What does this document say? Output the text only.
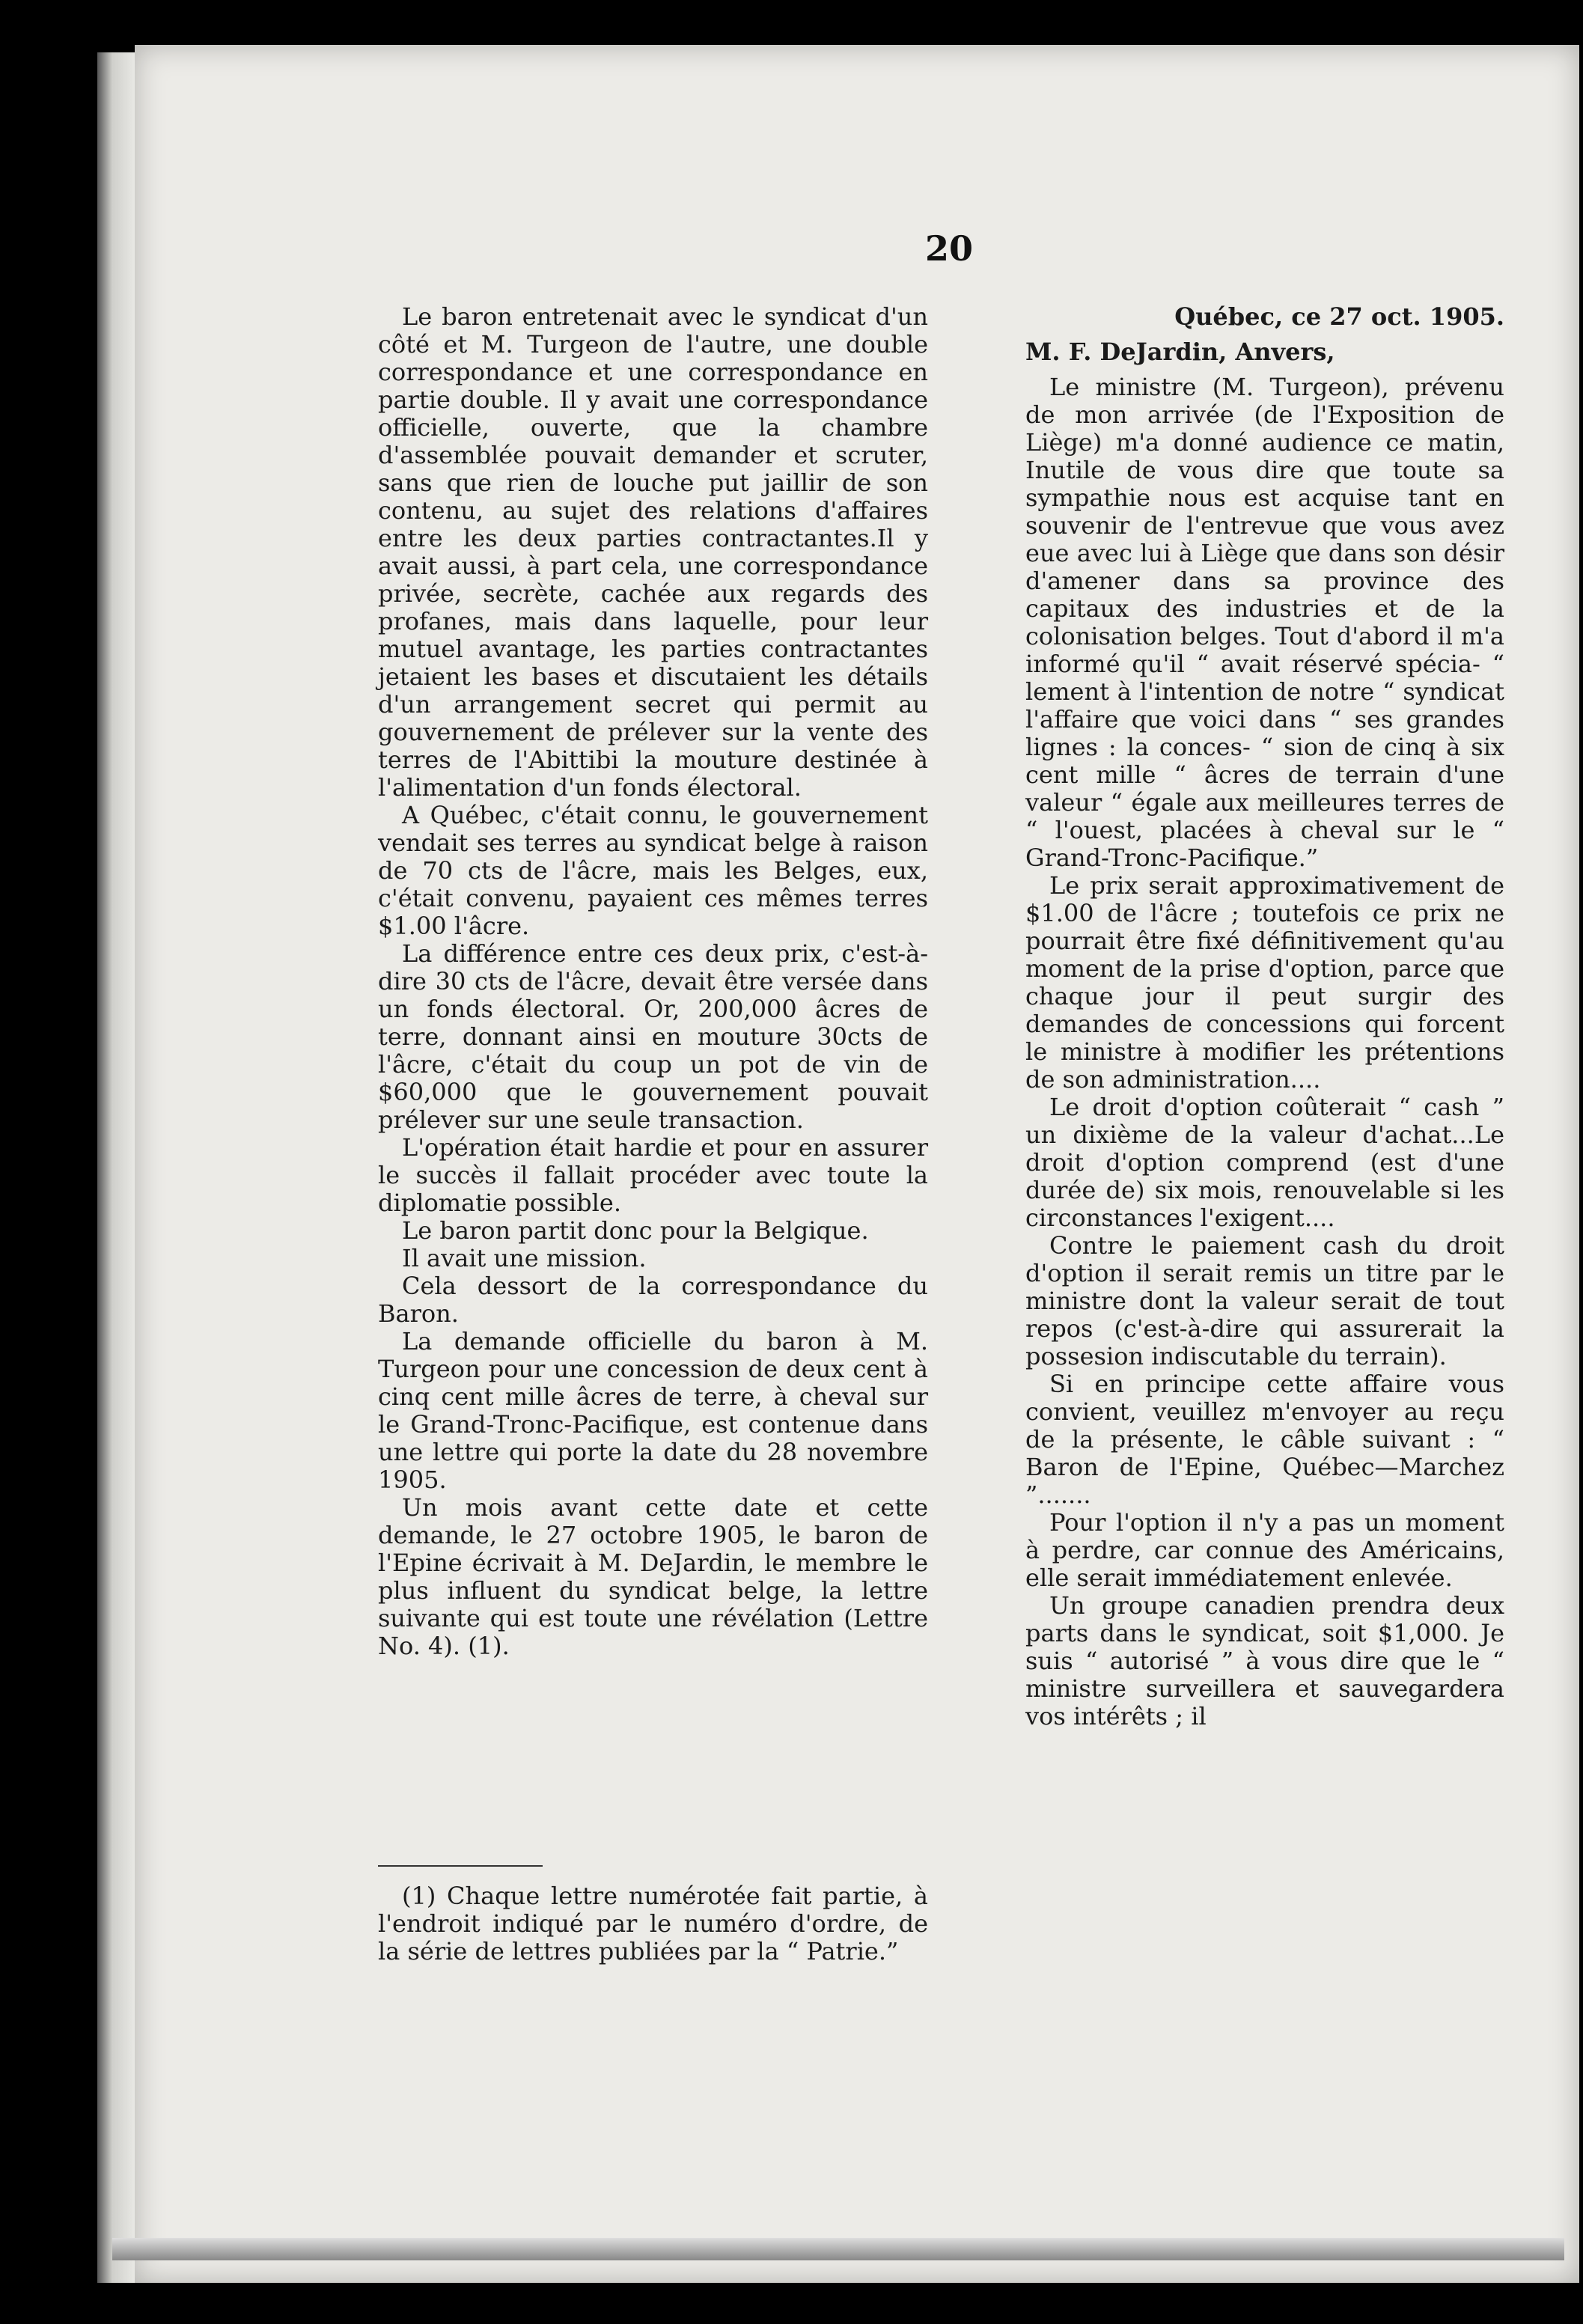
20

Le baron entretenait avec le syndicat d'un côté et M. Turgeon de l'autre, une double correspondance et une correspondance en partie double. Il y avait une correspondance officielle, ouverte, que la chambre d'assemblée pouvait demander et scruter, sans que rien de louche put jaillir de son contenu, au sujet des relations d'affaires entre les deux parties contractantes.Il y avait aussi, à part cela, une correspondance privée, secrète, cachée aux regards des profanes, mais dans laquelle, pour leur mutuel avantage, les parties contractantes jetaient les bases et discutaient les détails d'un arrangement secret qui permit au gouvernement de prélever sur la vente des terres de l'Abittibi la mouture destinée à l'alimentation d'un fonds électoral.

A Québec, c'était connu, le gouvernement vendait ses terres au syndicat belge à raison de 70 cts de l'âcre, mais les Belges, eux, c'était convenu, payaient ces mêmes terres $1.00 l'âcre.

La différence entre ces deux prix, c'est-à-dire 30 cts de l'âcre, devait être versée dans un fonds électoral. Or, 200,000 âcres de terre, donnant ainsi en mouture 30cts de l'âcre, c'était du coup un pot de vin de $60,000 que le gouvernement pouvait prélever sur une seule transaction.

L'opération était hardie et pour en assurer le succès il fallait procéder avec toute la diplomatie possible.

Le baron partit donc pour la Belgique.

Il avait une mission.

Cela dessort de la correspondance du Baron.

La demande officielle du baron à M. Turgeon pour une concession de deux cent à cinq cent mille âcres de terre, à cheval sur le Grand-Tronc-Pacifique, est contenue dans une lettre qui porte la date du 28 novembre 1905.

Un mois avant cette date et cette demande, le 27 octobre 1905, le baron de l'Epine écrivait à M. DeJardin, le membre le plus influent du syndicat belge, la lettre suivante qui est toute une révélation (Lettre No. 4). (1).

(1) Chaque lettre numérotée fait partie, à l'endroit indiqué par le numéro d'ordre, de la série de lettres publiées par la “ Patrie.”

Québec, ce 27 oct. 1905.

M. F. DeJardin, Anvers,

Le ministre (M. Turgeon), prévenu de mon arrivée (de l'Exposition de Liège) m'a donné audience ce matin, Inutile de vous dire que toute sa sympathie nous est acquise tant en souvenir de l'entrevue que vous avez eue avec lui à Liège que dans son désir d'amener dans sa province des capitaux des industries et de la colonisation belges. Tout d'abord il m'a informé qu'il “ avait réservé spécia- “ lement à l'intention de notre “ syndicat l'affaire que voici dans “ ses grandes lignes : la conces- “ sion de cinq à six cent mille “ âcres de terrain d'une valeur “ égale aux meilleures terres de “ l'ouest, placées à cheval sur le “ Grand-Tronc-Pacifique.”

Le prix serait approximativement de $1.00 de l'âcre ; toutefois ce prix ne pourrait être fixé définitivement qu'au moment de la prise d'option, parce que chaque jour il peut surgir des demandes de concessions qui forcent le ministre à modifier les prétentions de son administration....

Le droit d'option coûterait “ cash ” un dixième de la valeur d'achat...Le droit d'option comprend (est d'une durée de) six mois, renouvelable si les circonstances l'exigent....

Contre le paiement cash du droit d'option il serait remis un titre par le ministre dont la valeur serait de tout repos (c'est-à-dire qui assurerait la possesion indiscutable du terrain).

Si en principe cette affaire vous convient, veuillez m'envoyer au reçu de la présente, le câble suivant : “ Baron de l'Epine, Québec—Marchez ”.......

Pour l'option il n'y a pas un moment à perdre, car connue des Américains, elle serait immédiatement enlevée.

Un groupe canadien prendra deux parts dans le syndicat, soit $1,000. Je suis “ autorisé ” à vous dire que le “ ministre surveillera et sauvegardera vos intérêts ; il
